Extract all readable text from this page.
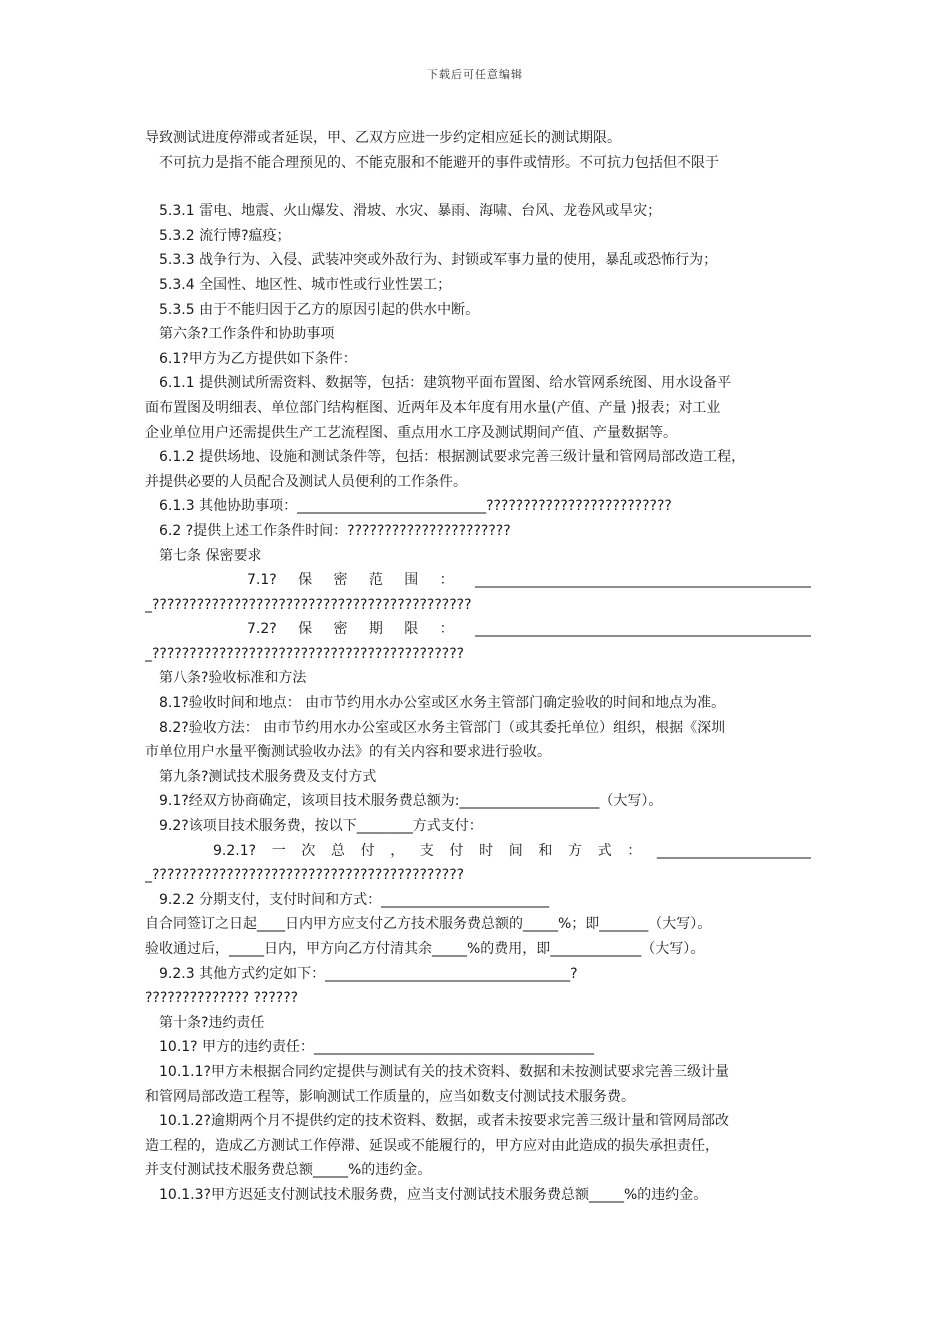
下载后可任意编辑
导致测试进度停滞或者延误，甲、乙双方应进一步约定相应延长的测试期限。
不可抗力是指不能合理预见的、不能克服和不能避开的事件或情形。不可抗力包括但不限于
5.3.1 雷电、地震、火山爆发、滑坡、水灾、暴雨、海啸、台风、龙卷风或旱灾；
5.3.2 流行博?瘟疫；
5.3.3 战争行为、入侵、武装冲突或外敌行为、封锁或军事力量的使用，暴乱或恐怖行为；
5.3.4 全国性、地区性、城市性或行业性罢工；
5.3.5 由于不能归因于乙方的原因引起的供水中断。
第六条?工作条件和协助事项
6.1?甲方为乙方提供如下条件：
6.1.1 提供测试所需资料、数据等，包括：建筑物平面布置图、给水管网系统图、用水设备平
面布置图及明细表、单位部门结构框图、近两年及本年度有用水量(产值、产量 )报表；对工业
企业单位用户还需提供生产工艺流程图、重点用水工序及测试期间产值、产量数据等。
6.1.2 提供场地、设施和测试条件等，包括：根据测试要求完善三级计量和管网局部改造工程，
并提供必要的人员配合及测试人员便利的工作条件。
6.1.3 其他协助事项：___________________________?????????????????????????
6.2 ?提供上述工作条件时间：??????????????????????
第七条 保密要求
7.1? 保 密 范 围 ： ________________________________________________
_???????????????????????????????????????????
7.2? 保 密 期 限 ： ________________________________________________
_??????????????????????????????????????????
第八条?验收标准和方法
8.1?验收时间和地点： 由市节约用水办公室或区水务主管部门确定验收的时间和地点为准。
8.2?验收方法： 由市节约用水办公室或区水务主管部门（或其委托单位）组织，根据《深圳
市单位用户水量平衡测试验收办法》的有关内容和要求进行验收。
第九条?测试技术服务费及支付方式
9.1?经双方协商确定，该项目技术服务费总额为:____________________（大写）。
9.2?该项目技术服务费，按以下________方式支付：
9.2.1? 一 次 总 付 ， 支 付 时 间 和 方 式 ： ______________________
_??????????????????????????????????????????
9.2.2 分期支付，支付时间和方式：________________________
自合同签订之日起____日内甲方应支付乙方技术服务费总额的_____%；即_______（大写）。
验收通过后，_____日内，甲方向乙方付清其余_____%的费用，即_____________（大写）。
9.2.3 其他方式约定如下：___________________________________?
?????????????? ??????
第十条?违约责任
10.1? 甲方的违约责任：________________________________________
10.1.1?甲方未根据合同约定提供与测试有关的技术资料、数据和未按测试要求完善三级计量
和管网局部改造工程等，影响测试工作质量的，应当如数支付测试技术服务费。
10.1.2?逾期两个月不提供约定的技术资料、数据，或者未按要求完善三级计量和管网局部改
造工程的，造成乙方测试工作停滞、延误或不能履行的，甲方应对由此造成的损失承担责任，
并支付测试技术服务费总额_____%的违约金。
10.1.3?甲方迟延支付测试技术服务费，应当支付测试技术服务费总额_____%的违约金。
